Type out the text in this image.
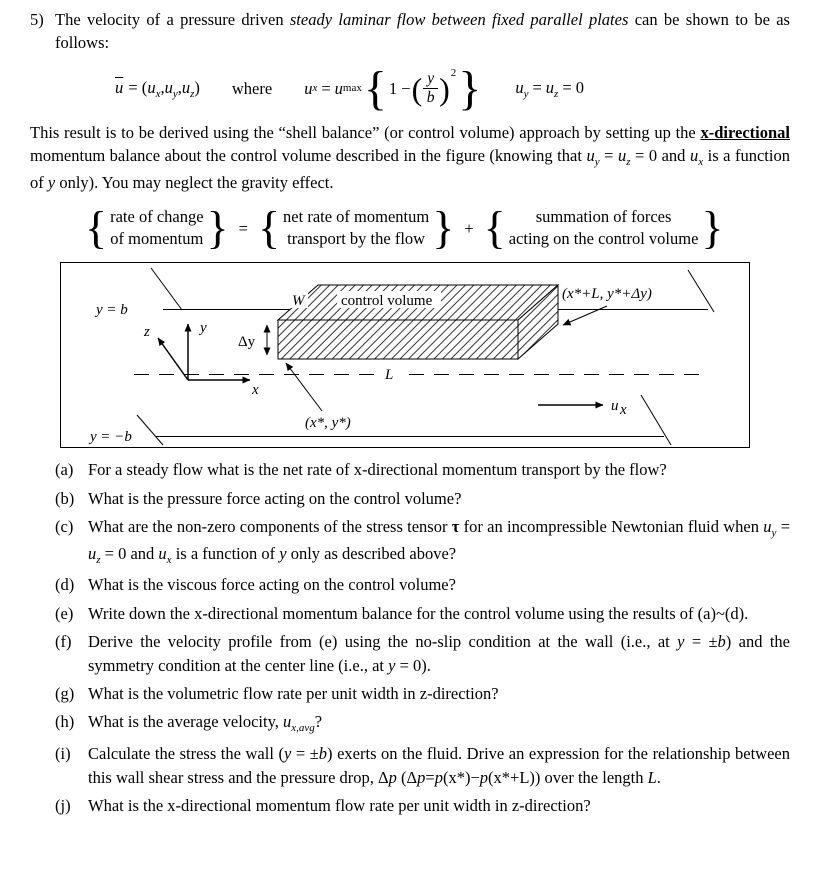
5) The velocity of a pressure driven steady laminar flow between fixed parallel plates can be shown to be as follows:
$\overline{u} = (u_x,u_y,u_z)$ where u x = u max { 1 − ( $\frac{y}{b}$ ) 2 } $u_y = u_z = 0$

This result is to be derived using the “shell balance” (or control volume) approach by setting up the x-directional momentum balance about the control volume described in the figure (knowing that $u_y = u_z = 0$ and $u_x$ is a function of y only). You may neglect the gravity effect.

{ rate of change
of momentum } = { net rate of momentum
transport by the flow } + { summation of forces
acting on the control volume }
L
W control volume
Δy
(x*, y*)
(x*+L, y*+Δy)
y
z
x
y = b
y = −b
u x
(a) For a steady flow what is the net rate of x-directional momentum transport by the flow?
(b) What is the pressure force acting on the control volume?
(c) What are the non-zero components of the stress tensor τ for an incompressible Newtonian fluid when $u_y = u_z = 0$ and $u_x$ is a function of y only as described above?
(d) What is the viscous force acting on the control volume?
(e) Write down the x-directional momentum balance for the control volume using the results of (a)~(d).
(f)	Derive the velocity profile from (e) using the no-slip condition at the wall (i.e., at y = ±b) and the symmetry condition at the center line (i.e., at y = 0).
(g) What is the volumetric flow rate per unit width in z-direction?
(h) What is the average velocity, $u_{x,avg}$?
(i)	Calculate the stress the wall (y = ±b) exerts on the fluid. Drive an expression for the relationship between this wall shear stress and the pressure drop, Δp (Δp=p(x*)−p(x*+L)) over the length L.
(j)	What is the x-directional momentum flow rate per unit width in z-direction?
